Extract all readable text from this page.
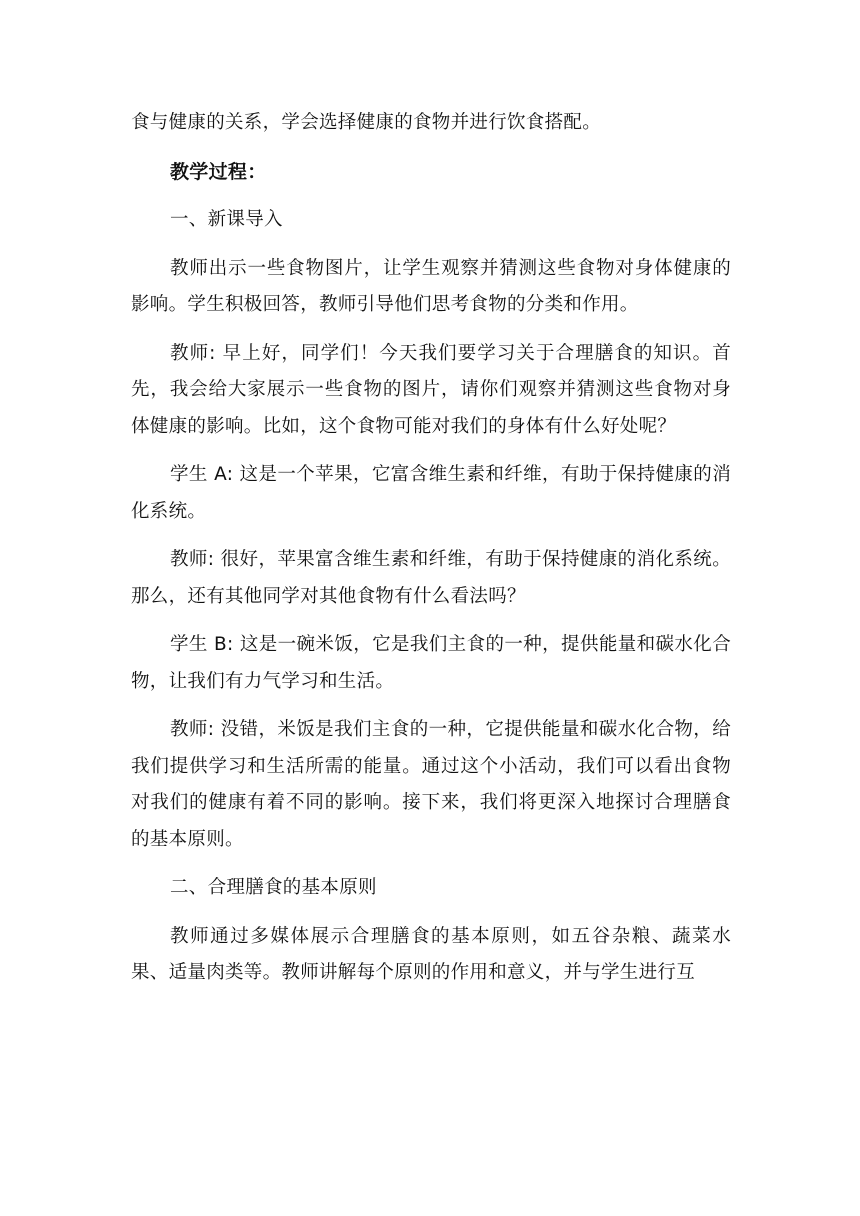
食与健康的关系，学会选择健康的食物并进行饮食搭配。

教学过程：

一、新课导入

教师出示一些食物图片，让学生观察并猜测这些食物对身体健康的影响。学生积极回答，教师引导他们思考食物的分类和作用。

教师: 早上好，同学们！今天我们要学习关于合理膳食的知识。首先，我会给大家展示一些食物的图片，请你们观察并猜测这些食物对身体健康的影响。比如，这个食物可能对我们的身体有什么好处呢？

学生 A: 这是一个苹果，它富含维生素和纤维，有助于保持健康的消化系统。

教师: 很好，苹果富含维生素和纤维，有助于保持健康的消化系统。那么，还有其他同学对其他食物有什么看法吗？

学生 B: 这是一碗米饭，它是我们主食的一种，提供能量和碳水化合物，让我们有力气学习和生活。

教师: 没错，米饭是我们主食的一种，它提供能量和碳水化合物，给我们提供学习和生活所需的能量。通过这个小活动，我们可以看出食物对我们的健康有着不同的影响。接下来，我们将更深入地探讨合理膳食的基本原则。

二、合理膳食的基本原则

教师通过多媒体展示合理膳食的基本原则，如五谷杂粮、蔬菜水果、适量肉类等。教师讲解每个原则的作用和意义，并与学生进行互
